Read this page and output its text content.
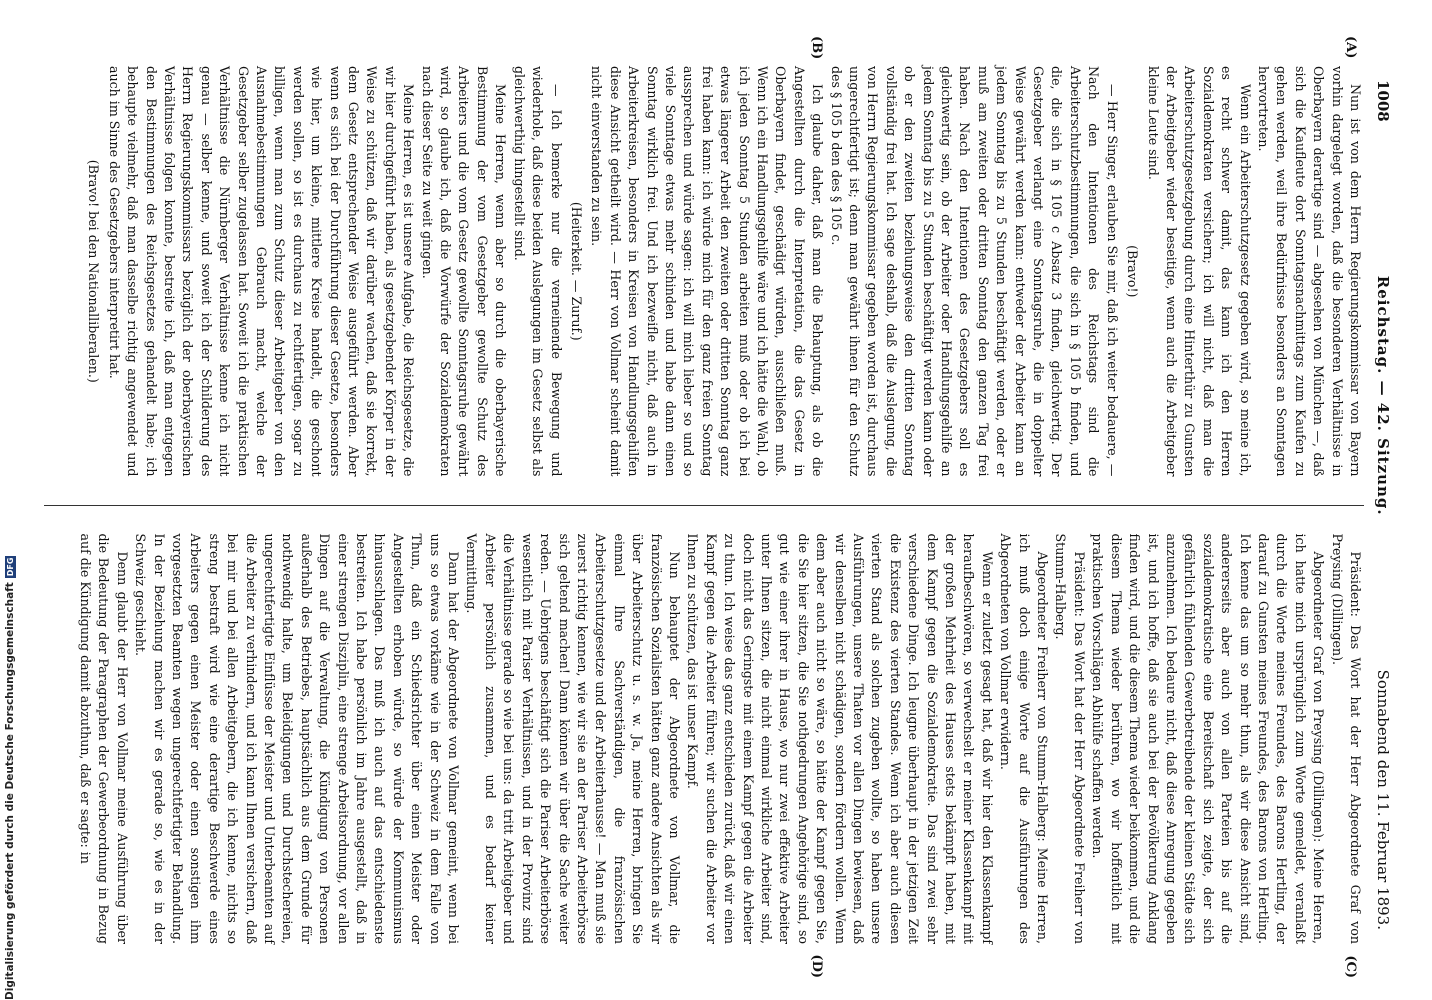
1008
Reichstag. — 42. Sitzung.
Sonnabend den 11. Februar 1893.
(A)
(B)
(C)
(D)

Nun ist von dem Herrn Regierungskommissar von Bayern vorhin dargelegt worden, daß die besonderen Verhältnisse in Oberbayern derartige sind — abgesehen von München —, daß sich die Kaufleute dort Sonntagsnachmittags zum Kaufen zu gehen werden, weil ihre Bedürfnisse besonders an Sonntagen hervortreten.

Wenn ein Arbeiterschutzgesetz gegeben wird, so meine ich, es recht schwer damit, das kann ich den Herren Sozialdemokraten versichern; ich will nicht, daß man die Arbeiterschutzgesetzgebung durch eine Hinterthür zu Gunsten der Arbeitgeber wieder beseitige, wenn auch die Arbeitgeber kleine Leute sind.

(Bravo!)

— Herr Singer, erlauben Sie mir, daß ich weiter bedauere, — Nach den Intentionen des Reichstags sind die Arbeiterschutzbestimmungen, die sich in § 105 b finden, und die, die sich in § 105 c Absatz 3 finden, gleichwertig. Der Gesetzgeber verlangt eine Sonntagsruhe, die in doppelter Weise gewährt werden kann: entweder der Arbeiter kann an jedem Sonntag bis zu 5 Stunden beschäftigt werden, oder er muß am zweiten oder dritten Sonntag den ganzen Tag frei haben. Nach den Intentionen des Gesetzgebers soll es gleichwertig sein, ob der Arbeiter oder Handlungsgehilfe an jedem Sonntag bis zu 5 Stunden beschäftigt werden kann oder ob er den zweiten beziehungsweise den dritten Sonntag vollständig frei hat. Ich sage deshalb, daß die Auslegung, die von Herrn Regierungskommissar gegeben worden ist, durchaus ungerechtfertigt ist; denn man gewährt ihnen für den Schutz des § 105 b den des § 105 c.

Ich glaube daher, daß man die Behauptung, als ob die Angestellten durch die Interpretation, die das Gesetz in Oberbayern findet, geschädigt würden, ausschließen muß. Wenn ich ein Handlungsgehilfe wäre und ich hätte die Wahl, ob ich jeden Sonntag 5 Stunden arbeiten muß oder ob ich bei etwas längerer Arbeit den zweiten oder dritten Sonntag ganz frei haben kann: ich würde mich für den ganz freien Sonntag aussprechen und würde sagen: ich will mich lieber so und so viele Sonntage etwas mehr schinden und habe dann einen Sonntag wirklich frei. Und ich bezweifle nicht, daß auch in Arbeiterkreisen, besonders in Kreisen von Handlungsgehilfen diese Ansicht getheilt wird. — Herr von Vollmar scheint damit nicht einverstanden zu sein.

(Heiterkeit. — Zuruf.)

— Ich bemerke nur die verneinende Bewegung und wiederhole, daß diese beiden Auslegungen im Gesetz selbst als gleichwerthig hingestellt sind.

Meine Herren, wenn aber so durch die oberbayerische Bestimmung der vom Gesetzgeber gewollte Schutz des Arbeiters und die vom Gesetz gewollte Sonntagsruhe gewährt wird, so glaube ich, daß die Vorwürfe der Sozialdemokraten nach dieser Seite zu weit gingen.

Meine Herren, es ist unsere Aufgabe, die Reichsgesetze, die wir hier durchgeführt haben, als gesetzgebender Körper in der Weise zu schützen, daß wir darüber wachen, daß sie korrekt, dem Gesetz entsprechender Weise ausgeführt werden. Aber wenn es sich bei der Durchführung dieser Gesetze, besonders wie hier, um kleine, mittlere Kreise handelt, die geschont werden sollen, so ist es durchaus zu rechtfertigen, sogar zu billigen, wenn man zum Schutz dieser Arbeitgeber von den Ausnahmebestimmungen Gebrauch macht, welche der Gesetzgeber selber zugelassen hat. Soweit ich die praktischen Verhältnisse die Nürnberger Verhältnisse kenne ich nicht genau — selber kenne, und soweit ich der Schilderung des Herrn Regierungskommissars bezüglich der oberbayerischen Verhältnisse folgen konnte, bestreite ich, daß man entgegen den Bestimmungen des Reichsgesetzes gehandelt habe; ich behaupte vielmehr, daß man dasselbe richtig angewendet und auch im Sinne des Gesetzgebers interpretirt hat.

(Bravo! bei den Nationalliberalen.)

Präsident: Das Wort hat der Herr Abgeordnete Graf von Preysing (Dillingen).

Abgeordneter Graf von Preysing (Dillingen): Meine Herren, ich hatte mich ursprünglich zum Worte gemeldet, veranlaßt durch die Worte meines Freundes, des Barons Hertling, der darauf zu Gunsten meines Freundes, des Barons von Hertling. Ich kenne das um so mehr thun, als wir diese Ansicht sind, andererseits aber auch von allen Parteien bis auf die sozialdemokratische eine Bereitschaft sich zeigte, der sich gefährlich fühlenden Gewerbetreibende der kleinen Städte sich anzunehmen. Ich bedaure nicht, daß diese Anregung gegeben ist, und ich hoffe, daß sie auch bei der Bevölkerung Anklang finden wird, und die diesem Thema wieder beikommen, und die diesem Thema wieder berühren, wo wir hoffentlich mit praktischen Vorschlägen Abhülfe schaffen werden.

Präsident: Das Wort hat der Herr Abgeordnete Freiherr von Stumm-Halberg.

Abgeordneter Freiherr von Stumm-Halberg: Meine Herren, ich muß doch einige Worte auf die Ausführungen des Abgeordneten von Vollmar erwidern.

Wenn er zuletzt gesagt hat, daß wir hier den Klassenkampf heraufbeschwören, so verwechselt er meiner Klassenkampf mit der großen Mehrheit des Hauses stets bekämpft haben, mit dem Kampf gegen die Sozialdemokratie. Das sind zwei sehr verschiedene Dinge. Ich leugne überhaupt in der jetzigen Zeit die Existenz des vierten Standes. Wenn ich aber auch diesen vierten Stand als solchen zugeben wollte, so haben unsere Ausführungen, unsere Thaten vor allen Dingen bewiesen, daß wir denselben nicht schädigen, sondern fördern wollen. Wenn dem aber auch nicht so wäre, so hätte der Kampf gegen Sie, die Sie hier sitzen, die Sie nothgedrungen Angehörige sind, so gut wie einer ihrer in Hause, wo nur zwei effektive Arbeiter unter Ihnen sitzen, die nicht einmal wirkliche Arbeiter sind, doch nicht das Geringste mit einem Kampf gegen die Arbeiter zu thun. Ich weise das ganz entschieden zurück, daß wir einen Kampf gegen die Arbeiter führen; wir suchen die Arbeiter vor Ihnen zu schützen, das ist unser Kampf.

Nun behauptet der Abgeordnete von Vollmar, die französischen Sozialisten hätten ganz andere Ansichten als wir über Arbeiterschutz u. s. w. Ja, meine Herren, bringen Sie einmal Ihre Sachverständigen, die französischen Arbeiterschutzgesetze und der Arbeiterhausse! — Man muß sie zuerst richtig kennen, wie wir sie an der Pariser Arbeiterbörse sich geltend machen! Dann können wir über die Sache weiter reden. — Uebrigens beschäftigt sich die Pariser Arbeiterbörse wesentlich mit Pariser Verhältnissen, und in der Provinz sind die Verhältnisse gerade so wie bei uns: da tritt Arbeitgeber und Arbeiter persönlich zusammen, und es bedarf keiner Vermittlung.

Dann hat der Abgeordnete von Vollmar gemeint, wenn bei uns so etwas vorkäme wie in der Schweiz in dem Falle von Thun, daß ein Schiedsrichter über einen Meister oder Angestellten erhoben würde, so würde der Kommunismus hinausschlagen. Das muß ich auch auf das entschiedenste bestreiten. Ich habe persönlich im Jahre ausgestellt, daß in einer strengen Disziplin, eine strenge Arbeitsordnung, vor allen Dingen auf die Verwaltung, die Kündigung von Personen außerhalb des Betriebes, hauptsächlich aus dem Grunde für nothwendig halte, um Beleidigungen und Durchstechereien, ungerechtfertigte Einflüsse der Meister und Unterbeamten auf die Arbeiter zu verhindern, und ich kann Ihnen versichern, daß bei mir und bei allen Arbeitgebern, die ich kenne, nichts so streng bestraft wird wie eine derartige Beschwerde eines Arbeiters gegen einen Meister oder einen sonstigen ihm vorgesetzten Beamten wegen ungerechtfertigter Behandlung. In der Beziehung machen wir es gerade so, wie es in der Schweiz geschieht.

Denn glaubt der Herr von Vollmar meine Ausführung über die Bedeutung der Paragraphen der Gewerbeordnung in Bezug auf die Kündigung damit abzuthun, daß er sagte: in

Digitalisierung gefördert durch die Deutsche Forschungsgemeinschaft
DFG
